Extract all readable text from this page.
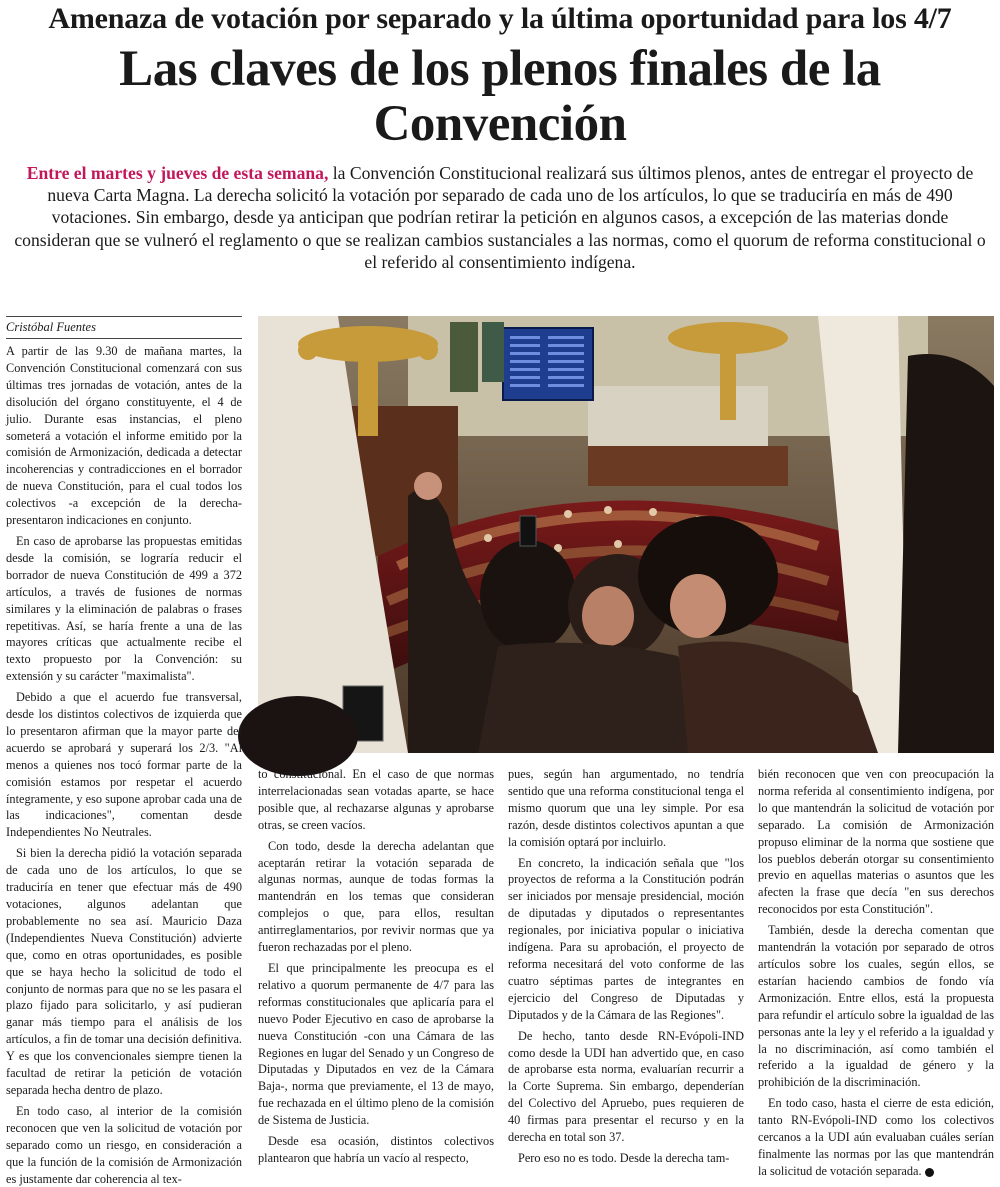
Amenaza de votación por separado y la última oportunidad para los 4/7
Las claves de los plenos finales de la Convención
Entre el martes y jueves de esta semana, la Convención Constitucional realizará sus últimos plenos, antes de entregar el proyecto de nueva Carta Magna. La derecha solicitó la votación por separado de cada uno de los artículos, lo que se traduciría en más de 490 votaciones. Sin embargo, desde ya anticipan que podrían retirar la petición en algunos casos, a excepción de las materias donde consideran que se vulneró el reglamento o que se realizan cambios sustanciales a las normas, como el quorum de reforma constitucional o el referido al consentimiento indígena.
Cristóbal Fuentes

A partir de las 9.30 de mañana martes, la Convención Constitucional comenzará con sus últimas tres jornadas de votación, antes de la disolución del órgano constituyente, el 4 de julio. Durante esas instancias, el pleno someterá a votación el informe emitido por la comisión de Armonización, dedicada a detectar incoherencias y contradicciones en el borrador de nueva Constitución, para el cual todos los colectivos -a excepción de la derecha- presentaron indicaciones en conjunto.

En caso de aprobarse las propuestas emitidas desde la comisión, se lograría reducir el borrador de nueva Constitución de 499 a 372 artículos, a través de fusiones de normas similares y la eliminación de palabras o frases repetitivas. Así, se haría frente a una de las mayores críticas que actualmente recibe el texto propuesto por la Convención: su extensión y su carácter "maximalista".

Debido a que el acuerdo fue transversal, desde los distintos colectivos de izquierda que lo presentaron afirman que la mayor parte del acuerdo se aprobará y superará los 2/3. "Al menos a quienes nos tocó formar parte de la comisión estamos por respetar el acuerdo íntegramente, y eso supone aprobar cada una de las indicaciones", comentan desde Independientes No Neutrales.

Si bien la derecha pidió la votación separada de cada uno de los artículos, lo que se traduciría en tener que efectuar más de 490 votaciones, algunos adelantan que probablemente no sea así. Mauricio Daza (Independientes Nueva Constitución) advierte que, como en otras oportunidades, es posible que se haya hecho la solicitud de todo el conjunto de normas para que no se les pasara el plazo fijado para solicitarlo, y así pudieran ganar más tiempo para el análisis de los artículos, a fin de tomar una decisión definitiva. Y es que los convencionales siempre tienen la facultad de retirar la petición de votación separada hecha dentro de plazo.

En todo caso, al interior de la comisión reconocen que ven la solicitud de votación por separado como un riesgo, en consideración a que la función de la comisión de Armonización es justamente dar coherencia al tex-

to constitucional. En el caso de que normas interrelacionadas sean votadas aparte, se hace posible que, al rechazarse algunas y aprobarse otras, se creen vacíos.

Con todo, desde la derecha adelantan que aceptarán retirar la votación separada de algunas normas, aunque de todas formas la mantendrán en los temas que consideran complejos o que, para ellos, resultan antirreglamentarios, por revivir normas que ya fueron rechazadas por el pleno.

El que principalmente les preocupa es el relativo a quorum permanente de 4/7 para las reformas constitucionales que aplicaría para el nuevo Poder Ejecutivo en caso de aprobarse la nueva Constitución -con una Cámara de las Regiones en lugar del Senado y un Congreso de Diputadas y Diputados en vez de la Cámara Baja-, norma que previamente, el 13 de mayo, fue rechazada en el último pleno de la comisión de Sistema de Justicia.

Desde esa ocasión, distintos colectivos plantearon que habría un vacío al respecto,

pues, según han argumentado, no tendría sentido que una reforma constitucional tenga el mismo quorum que una ley simple. Por esa razón, desde distintos colectivos apuntan a que la comisión optará por incluirlo.

En concreto, la indicación señala que "los proyectos de reforma a la Constitución podrán ser iniciados por mensaje presidencial, moción de diputadas y diputados o representantes regionales, por iniciativa popular o iniciativa indígena. Para su aprobación, el proyecto de reforma necesitará del voto conforme de las cuatro séptimas partes de integrantes en ejercicio del Congreso de Diputadas y Diputados y de la Cámara de las Regiones".

De hecho, tanto desde RN-Evópoli-IND como desde la UDI han advertido que, en caso de aprobarse esta norma, evaluarían recurrir a la Corte Suprema. Sin embargo, dependerían del Colectivo del Apruebo, pues requieren de 40 firmas para presentar el recurso y en la derecha en total son 37.

Pero eso no es todo. Desde la derecha tam-

bién reconocen que ven con preocupación la norma referida al consentimiento indígena, por lo que mantendrán la solicitud de votación por separado. La comisión de Armonización propuso eliminar de la norma que sostiene que los pueblos deberán otorgar su consentimiento previo en aquellas materias o asuntos que les afecten la frase que decía "en sus derechos reconocidos por esta Constitución".

También, desde la derecha comentan que mantendrán la votación por separado de otros artículos sobre los cuales, según ellos, se estarían haciendo cambios de fondo vía Armonización. Entre ellos, está la propuesta para refundir el artículo sobre la igualdad de las personas ante la ley y el referido a la igualdad y la no discriminación, así como también el referido a la igualdad de género y la prohibición de la discriminación.

En todo caso, hasta el cierre de esta edición, tanto RN-Evópoli-IND como los colectivos cercanos a la UDI aún evaluaban cuáles serían finalmente las normas por las que mantendrán la solicitud de votación separada.
